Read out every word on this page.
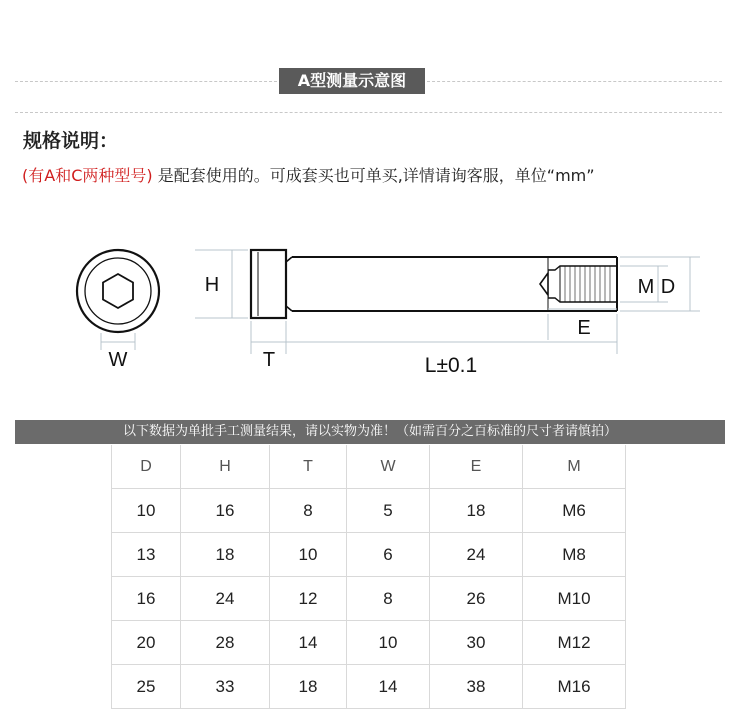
A型测量示意图
规格说明：
(有A和C两种型号) 是配套使用的。可成套买也可单买,详情请询客服，单位“mm”
W
H
T	L±0.1
M D
E
以下数据为单批手工测量结果，请以实物为准！（如需百分之百标准的尺寸者请慎拍）
D	H	T	W	E	M
10	16	8	5	18	M6
13	18	10	6	24	M8
16	24	12	8	26	M10
20	28	14	10	30	M12
25	33	18	14	38	M16
